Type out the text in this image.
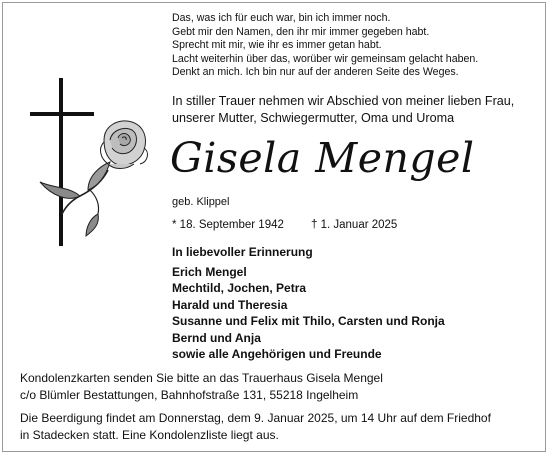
Das, was ich für euch war, bin ich immer noch.
Gebt mir den Namen, den ihr mir immer gegeben habt.
Sprecht mit mir, wie ihr es immer getan habt.
Lacht weiterhin über das, worüber wir gemeinsam gelacht haben.
Denkt an mich. Ich bin nur auf der anderen Seite des Weges.
In stiller Trauer nehmen wir Abschied von meiner lieben Frau,
unserer Mutter, Schwiegermutter, Oma und Uroma
Gisela Mengel
geb. Klippel
* 18. September 1942 † 1. Januar 2025
In liebevoller Erinnerung
Erich Mengel
Mechtild, Jochen, Petra
Harald und Theresia
Susanne und Felix mit Thilo, Carsten und Ronja
Bernd und Anja
sowie alle Angehörigen und Freunde
Kondolenzkarten senden Sie bitte an das Trauerhaus Gisela Mengel
c/o Blümler Bestattungen, Bahnhofstraße 131, 55218 Ingelheim
Die Beerdigung findet am Donnerstag, dem 9. Januar 2025, um 14 Uhr auf dem Friedhof
in Stadecken statt. Eine Kondolenzliste liegt aus.
